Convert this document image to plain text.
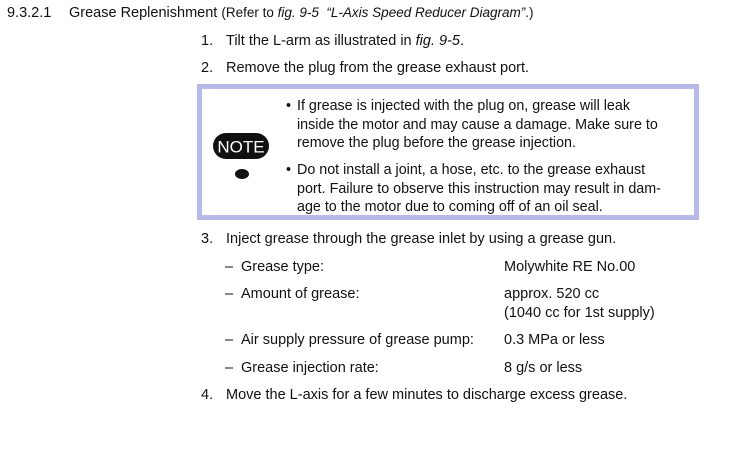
9.3.2.1 Grease Replenishment (Refer to fig. 9-5 “L-Axis Speed Reducer Diagram”.)
1. Tilt the L-arm as illustrated in fig. 9-5.
2. Remove the plug from the grease exhaust port.
NOTE
• If grease is injected with the plug on, grease will leak
inside the motor and may cause a damage. Make sure to
remove the plug before the grease injection.
• Do not install a joint, a hose, etc. to the grease exhaust
port. Failure to observe this instruction may result in dam-
age to the motor due to coming off of an oil seal.
3. Inject grease through the grease inlet by using a grease gun.
– Grease type:	Molywhite RE No.00
– Amount of grease:	approx. 520 cc
(1040 cc for 1st supply)
– Air supply pressure of grease pump: 0.3 MPa or less
– Grease injection rate:	8 g/s or less
4. Move the L-axis for a few minutes to discharge excess grease.
